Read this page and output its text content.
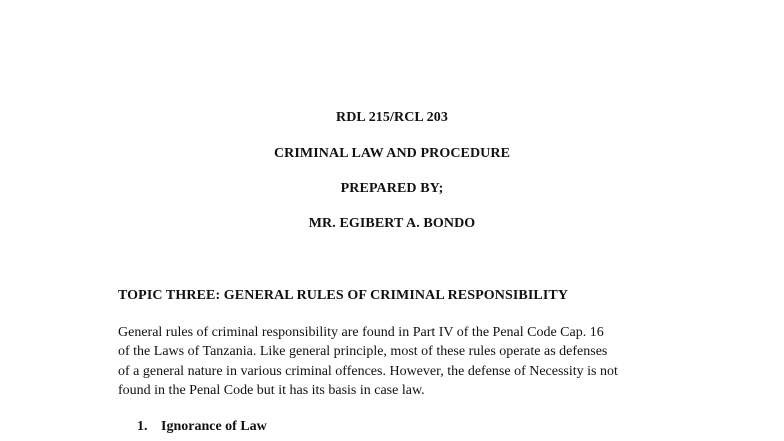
RDL 215/RCL 203
CRIMINAL LAW AND PROCEDURE
PREPARED BY;
MR. EGIBERT A. BONDO
TOPIC THREE: GENERAL RULES OF CRIMINAL RESPONSIBILITY
General rules of criminal responsibility are found in Part IV of the Penal Code Cap. 16
of the Laws of Tanzania. Like general principle, most of these rules operate as defenses
of a general nature in various criminal offences. However, the defense of Necessity is not
found in the Penal Code but it has its basis in case law.
1. Ignorance of Law
